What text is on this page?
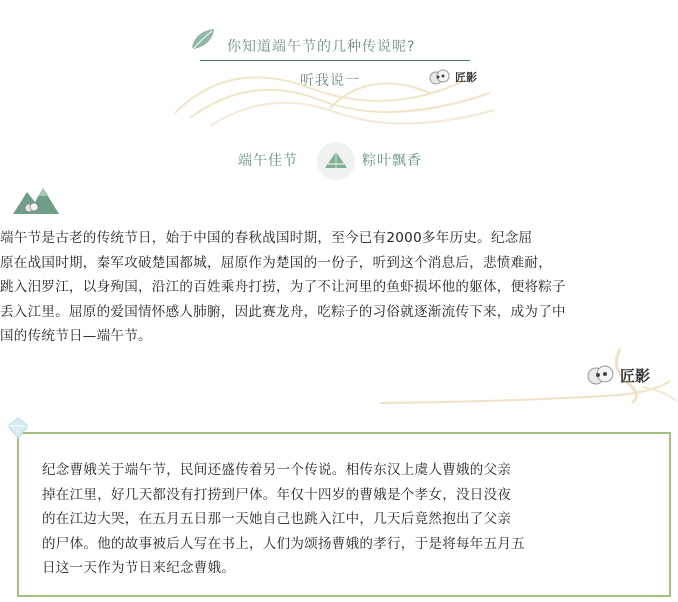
你知道端午节的几种传说呢?
听我说一	匠影
端午佳节	粽叶飘香
端午节是古老的传统节日，始于中国的春秋战国时期，至今已有2000多年历史。纪念屈
原在战国时期，秦军攻破楚国都城，屈原作为楚国的一份子，听到这个消息后，悲愤难耐，
跳入汨罗江，以身殉国，沿江的百姓乘舟打捞，为了不让河里的鱼虾损坏他的躯体，便将粽子
丢入江里。屈原的爱国情怀感人肺腑，因此赛龙舟，吃粽子的习俗就逐渐流传下来，成为了中
国的传统节日—端午节。
匠影
纪念曹娥关于端午节，民间还盛传着另一个传说。相传东汉上虞人曹娥的父亲
掉在江里，好几天都没有打捞到尸体。年仅十四岁的曹娥是个孝女，没日没夜
的在江边大哭，在五月五日那一天她自己也跳入江中，几天后竟然抱出了父亲
的尸体。他的故事被后人写在书上，人们为颂扬曹娥的孝行，于是将每年五月五
日这一天作为节日来纪念曹娥。
